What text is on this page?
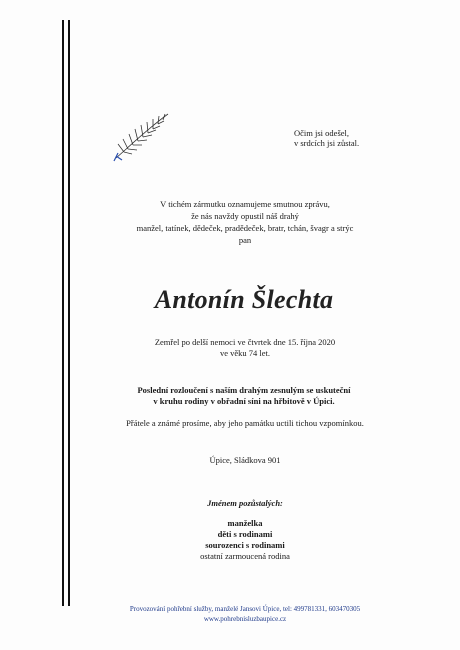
Očim jsi odešel,
v srdcích jsi zůstal.
V tichém zármutku oznamujeme smutnou zprávu,
že nás navždy opustil náš drahý
manžel, tatínek, dědeček, pradědeček, bratr, tchán, švagr a strýc
pan
Antonín Šlechta
Zemřel po delší nemoci ve čtvrtek dne 15. října 2020
ve věku 74 let.
Poslední rozloučení s naším drahým zesnulým se uskuteční
v kruhu rodiny v obřadní síni na hřbitově v Úpici.
Přátele a známé prosíme, aby jeho památku uctili tichou vzpomínkou.
Úpice, Sládkova 901
Jménem pozůstalých:
manželka
děti s rodinami
sourozenci s rodinami
ostatní zarmoucená rodina
Provozování pohřební služby, manželé Jansovi Úpice, tel: 499781331, 603470305
www.pohrebnisluzbaupice.cz
